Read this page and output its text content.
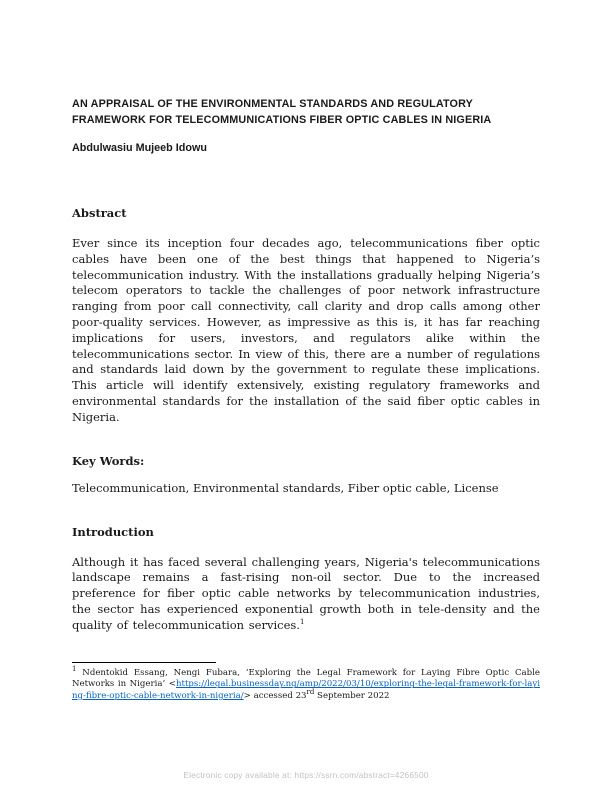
AN APPRAISAL OF THE ENVIRONMENTAL STANDARDS AND REGULATORY
FRAMEWORK FOR TELECOMMUNICATIONS FIBER OPTIC CABLES IN NIGERIA
Abdulwasiu Mujeeb Idowu
Abstract

Ever since its inception four decades ago, telecommunications fiber optic cables have been one of the best things that happened to Nigeria’s telecommunication industry. With the installations gradually helping Nigeria’s telecom operators to tackle the challenges of poor network infrastructure ranging from poor call connectivity, call clarity and drop calls among other poor-quality services. However, as impressive as this is, it has far reaching implications for users, investors, and regulators alike within the telecommunications sector. In view of this, there are a number of regulations and standards laid down by the government to regulate these implications. This article will identify extensively, existing regulatory frameworks and environmental standards for the installation of the said fiber optic cables in Nigeria.

Key Words:
Telecommunication, Environmental standards, Fiber optic cable, License
Introduction

Although it has faced several challenging years, Nigeria's telecommunications landscape remains a fast-rising non-oil sector. Due to the increased preference for fiber optic cable networks by telecommunication industries, the sector has experienced exponential growth both in tele-density and the quality of telecommunication services.$^1$

$^1$ Ndentokid Essang, Nengi Fubara, ‘Exploring the Legal Framework for Laying Fibre Optic Cable Networks in Nigeria’ <https://legal.businessday.ng/amp/2022/03/10/exploring-the-legal-framework-for-laying-fibre-optic-cable-network-in-nigeria/> accessed 23rd September 2022
Electronic copy available at: https://ssrn.com/abstract=4266500
